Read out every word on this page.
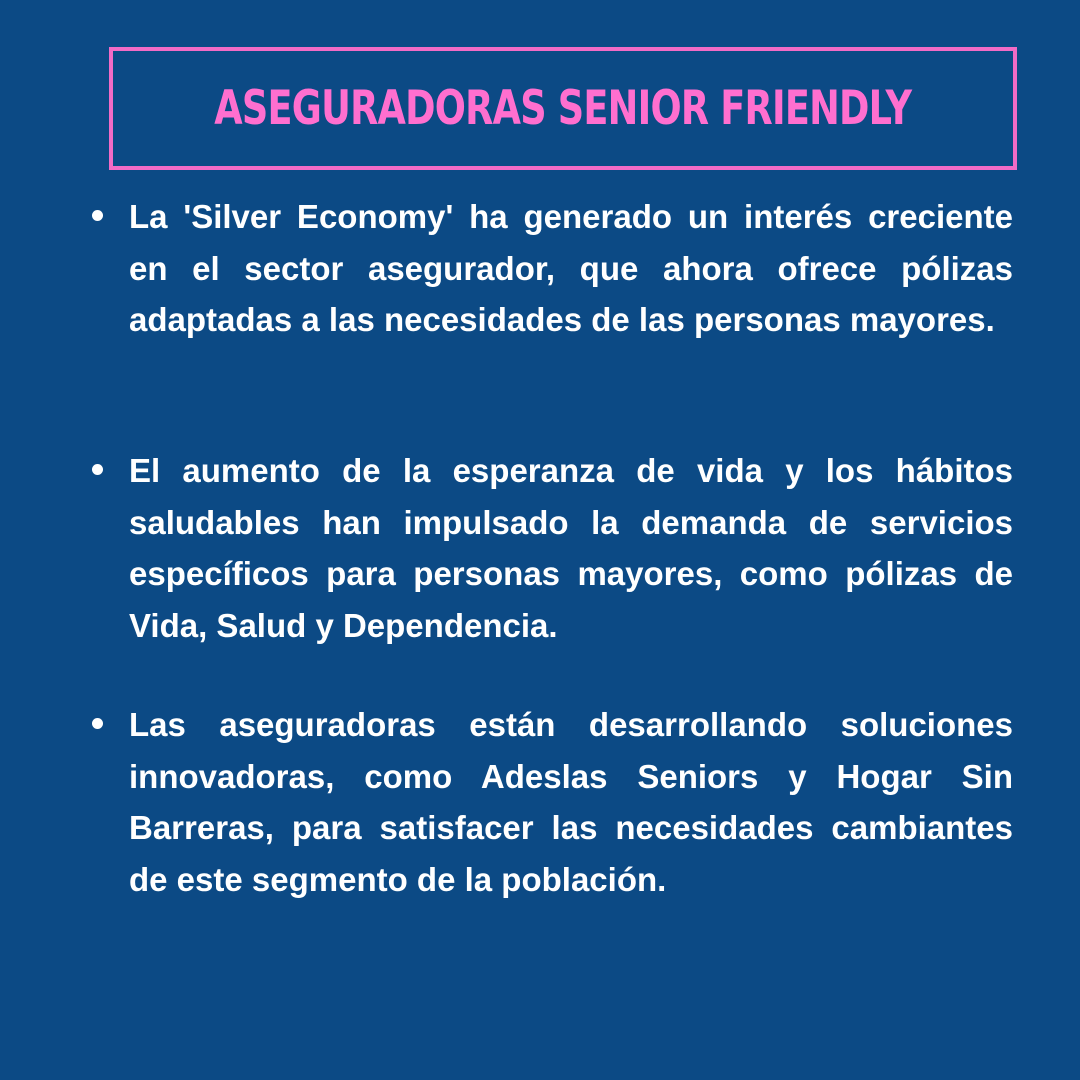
ASEGURADORAS SENIOR FRIENDLY
La 'Silver Economy' ha generado un interés creciente en el sector asegurador, que ahora ofrece pólizas adaptadas a las necesidades de las personas mayores.
El aumento de la esperanza de vida y los hábitos saludables han impulsado la demanda de servicios específicos para personas mayores, como pólizas de Vida, Salud y Dependencia.
Las aseguradoras están desarrollando soluciones innovadoras, como Adeslas Seniors y Hogar Sin Barreras, para satisfacer las necesidades cambiantes de este segmento de la población.
